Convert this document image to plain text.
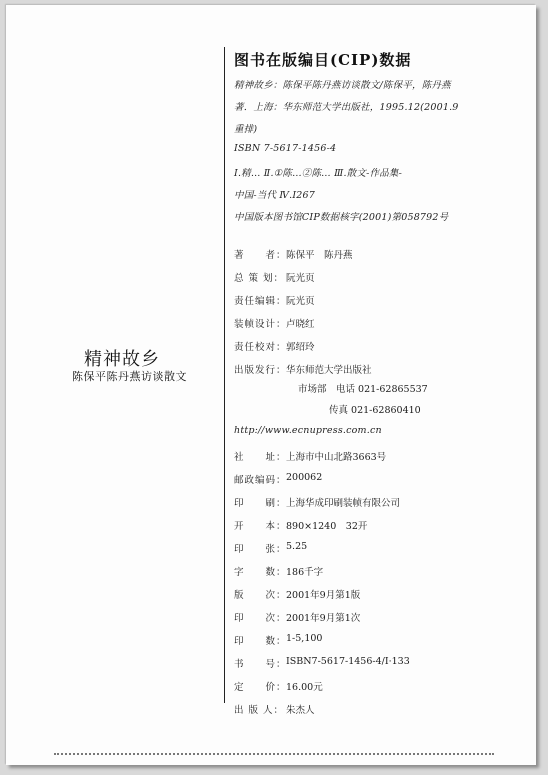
精神故乡
陈保平陈丹燕访谈散文
图书在版编目(CIP)数据
精神故乡：陈保平陈丹燕访谈散文/陈保平，陈丹燕
著．上海：华东师范大学出版社，1995.12(2001.9
重排)
ISBN 7-5617-1456-4
Ⅰ.精… Ⅱ.①陈…②陈… Ⅲ.散文-作品集-
中国-当代 Ⅳ.I267
中国版本图书馆CIP数据核字(2001)第058792号
著　　者： 陈保平　陈丹燕
总 策 划： 阮光页
责任编辑： 阮光页
装帧设计： 卢晓红
责任校对： 郭绍玲
出版发行： 华东师范大学出版社
市场部　电话 021-62865537
传真 021-62860410
http://www.ecnupress.com.cn
社　　址： 上海市中山北路3663号
邮政编码： 200062
印　　刷： 上海华成印刷装帧有限公司
开　　本： 890×1240　32开
印　　张： 5.25
字　　数： 186千字
版　　次： 2001年9月第1版
印　　次： 2001年9月第1次
印　　数： 1-5,100
书　　号： ISBN7-5617-1456-4/I·133
定　　价： 16.00元
出 版 人： 朱杰人
